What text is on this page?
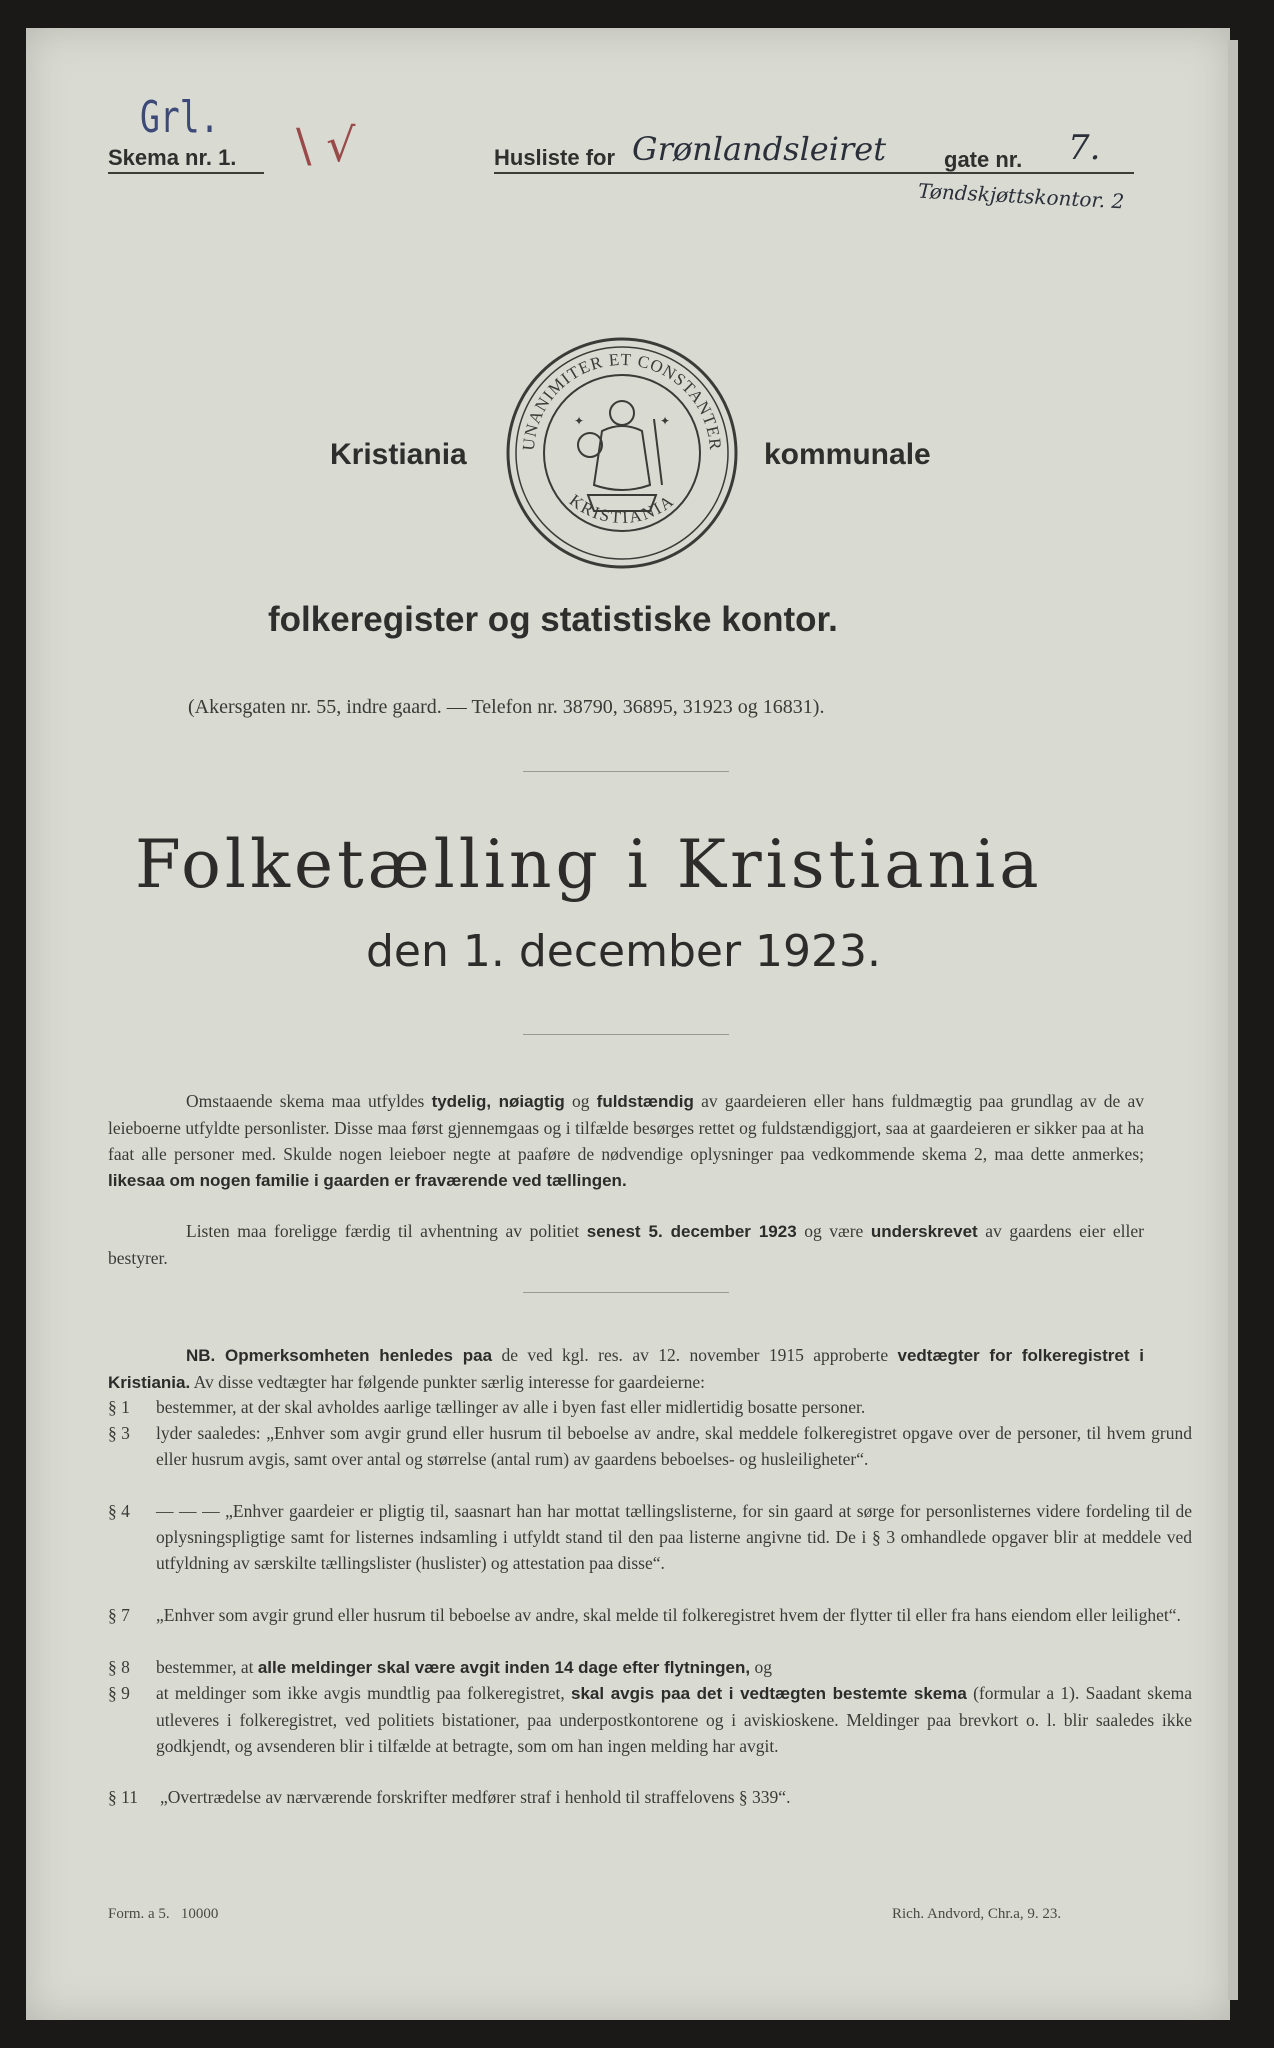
Grl.
Skema nr. 1. \ √	Husliste for Grønlandsleiret	gate nr. 7.
Tøndskjøttskontor. 2
Kristiania	kommunale
UNANIMITER ET CONSTANTER
KRISTIANIA
✦	✦
folkeregister og statistiske kontor.
(Akersgaten nr. 55, indre gaard. — Telefon nr. 38790, 36895, 31923 og 16831).
Folketælling i Kristiania
den 1. december 1923.
Omstaaende skema maa utfyldes tydelig, nøiagtig og fuldstændig av gaardeieren eller hans fuldmægtig paa grundlag av de av leieboerne utfyldte personlister. Disse maa først gjennemgaas og i tilfælde besørges rettet og fuldstændiggjort, saa at gaardeieren er sikker paa at ha faat alle personer med. Skulde nogen leieboer negte at paaføre de nødvendige oplysninger paa vedkommende skema 2, maa dette anmerkes; likesaa om nogen familie i gaarden er fraværende ved tællingen.
Listen maa foreligge færdig til avhentning av politiet senest 5. december 1923 og være underskrevet av gaardens eier eller bestyrer.
NB. Opmerksomheten henledes paa de ved kgl. res. av 12. november 1915 approberte vedtægter for folkeregistret i Kristiania. Av disse vedtægter har følgende punkter særlig interesse for gaardeierne:
§ 1 bestemmer, at der skal avholdes aarlige tællinger av alle i byen fast eller midlertidig bosatte personer.
§ 3 lyder saaledes: „Enhver som avgir grund eller husrum til beboelse av andre, skal meddele folkeregistret opgave over de personer, til hvem grund eller husrum avgis, samt over antal og størrelse (antal rum) av gaardens beboelses- og husleiligheter“.
§ 4 — — — „Enhver gaardeier er pligtig til, saasnart han har mottat tællingslisterne, for sin gaard at sørge for personlisternes videre fordeling til de oplysningspligtige samt for listernes indsamling i utfyldt stand til den paa listerne angivne tid. De i § 3 omhandlede opgaver blir at meddele ved utfyldning av særskilte tællingslister (huslister) og attestation paa disse“.
§ 7 „Enhver som avgir grund eller husrum til beboelse av andre, skal melde til folkeregistret hvem der flytter til eller fra hans eiendom eller leilighet“.
§ 8 bestemmer, at alle meldinger skal være avgit inden 14 dage efter flytningen, og
§ 9 at meldinger som ikke avgis mundtlig paa folkeregistret, skal avgis paa det i vedtægten bestemte skema (formular a 1). Saadant skema utleveres i folkeregistret, ved politiets bistationer, paa underpostkontorene og i aviskioskene. Meldinger paa brevkort o. l. blir saaledes ikke godkjendt, og avsenderen blir i tilfælde at betragte, som om han ingen melding har avgit.
§ 11 „Overtrædelse av nærværende forskrifter medfører straf i henhold til straffelovens § 339“.
Form. a 5.   10000	Rich. Andvord, Chr.a, 9. 23.
